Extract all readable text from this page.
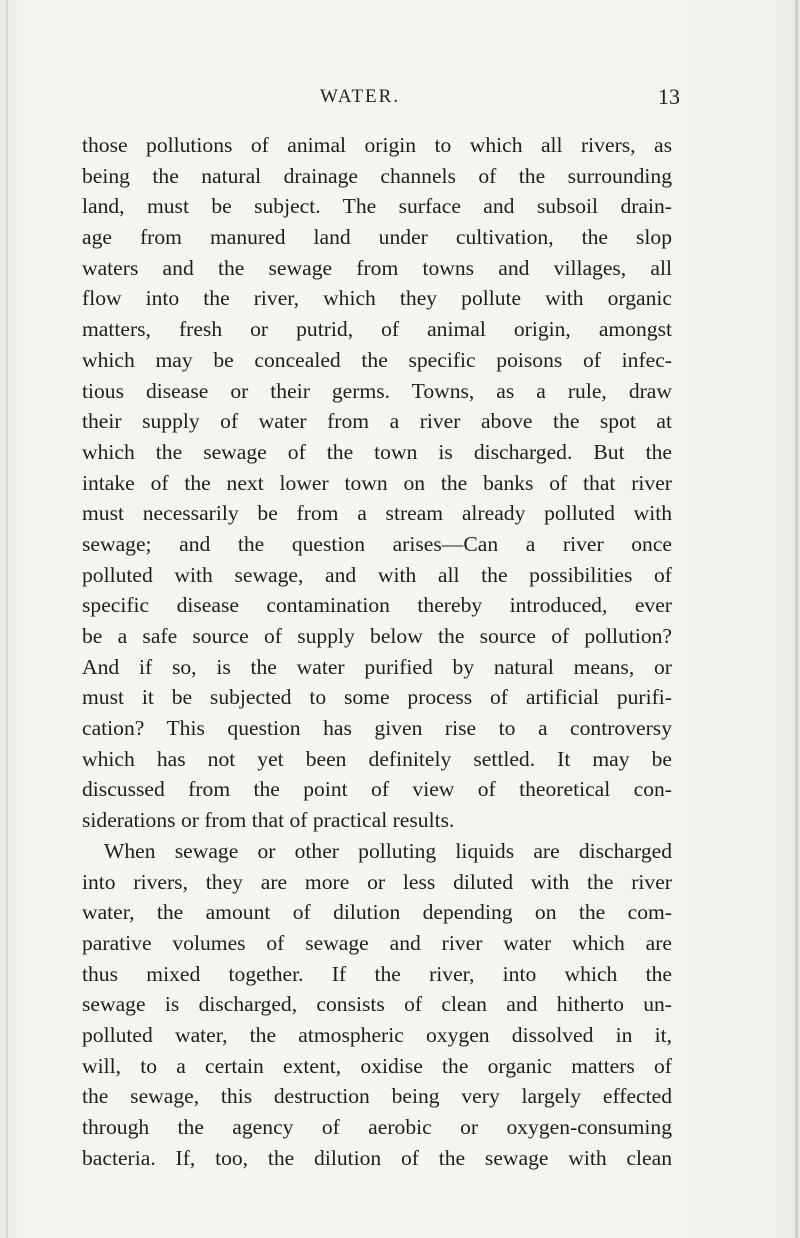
WATER.	13
those pollutions of animal origin to which all rivers, as
being the natural drainage channels of the surrounding
land, must be subject. The surface and subsoil drain-
age from manured land under cultivation, the slop
waters and the sewage from towns and villages, all
flow into the river, which they pollute with organic
matters, fresh or putrid, of animal origin, amongst
which may be concealed the specific poisons of infec-
tious disease or their germs. Towns, as a rule, draw
their supply of water from a river above the spot at
which the sewage of the town is discharged. But the
intake of the next lower town on the banks of that river
must necessarily be from a stream already polluted with
sewage; and the question arises—Can a river once
polluted with sewage, and with all the possibilities of
specific disease contamination thereby introduced, ever
be a safe source of supply below the source of pollution?
And if so, is the water purified by natural means, or
must it be subjected to some process of artificial purifi-
cation? This question has given rise to a controversy
which has not yet been definitely settled. It may be
discussed from the point of view of theoretical con-
siderations or from that of practical results.
When sewage or other polluting liquids are discharged
into rivers, they are more or less diluted with the river
water, the amount of dilution depending on the com-
parative volumes of sewage and river water which are
thus mixed together. If the river, into which the
sewage is discharged, consists of clean and hitherto un-
polluted water, the atmospheric oxygen dissolved in it,
will, to a certain extent, oxidise the organic matters of
the sewage, this destruction being very largely effected
through the agency of aerobic or oxygen-consuming
bacteria. If, too, the dilution of the sewage with clean
